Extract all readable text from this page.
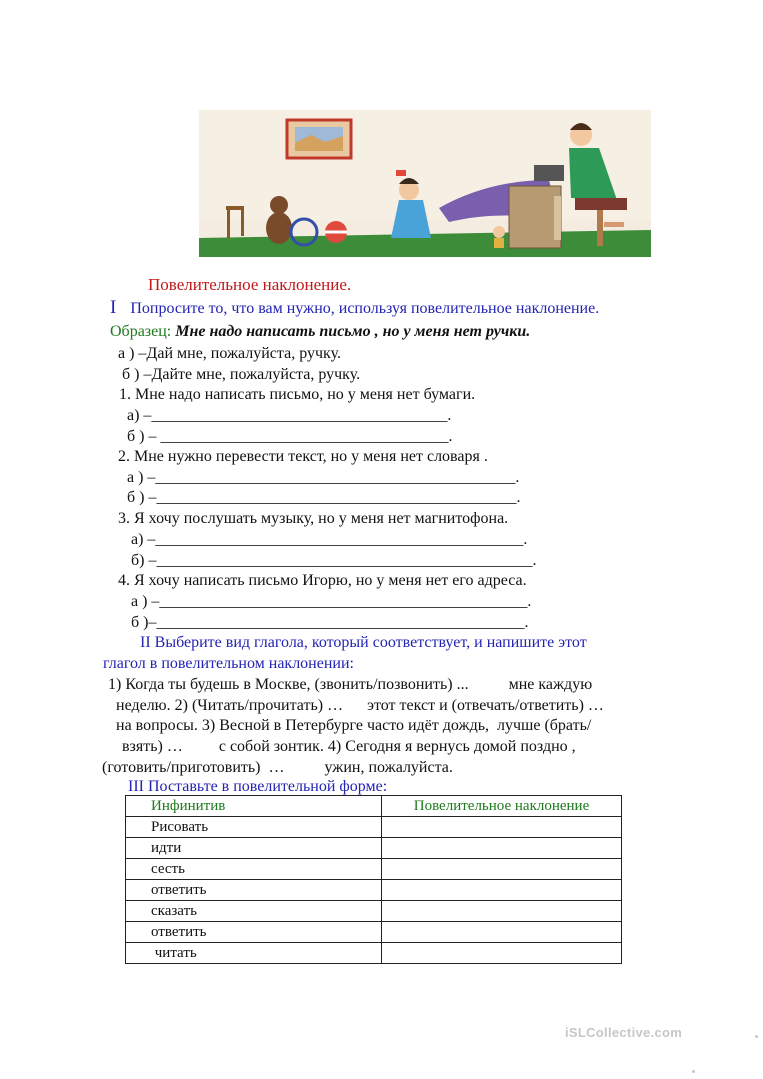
Повелительное наклонение.
I Попросите то, что вам нужно, используя повелительное наклонение.
Образец: Мне надо написать письмо , но у меня нет ручки.
а ) –Дай мне, пожалуйста, ручку.
б ) –Дайте мне, пожалуйста, ручку.
1. Мне надо написать письмо, но у меня нет бумаги.
а) –_____________________________________.
б ) – ____________________________________.
2. Мне нужно перевести текст, но у меня нет словаря .
а ) –_____________________________________________.
б ) –_____________________________________________.
3. Я хочу послушать музыку, но у меня нет магнитофона.
а) –______________________________________________.
б) –_______________________________________________.
4. Я хочу написать письмо Игорю, но у меня нет его адреса.
а ) –______________________________________________.
б )–______________________________________________.
II Выберите вид глагола, который соответствует, и напишите этот
глагол в повелительном наклонении:
1) Когда ты будешь в Москве, (звонить/позвонить) ...          мне каждую
неделю. 2) (Читать/прочитать) …      этот текст и (отвечать/ответить) …
на вопросы. 3) Весной в Петербурге часто идёт дождь,  лучше (брать/
взять) …         с собой зонтик. 4) Сегодня я вернусь домой поздно ,
(готовить/приготовить)  …          ужин, пожалуйста.
III Поставьте в повелительной форме:
Инфинитив	Повелительное наклонение
Рисовать	
идти	
сесть	
ответить	
сказать	
ответить	
читать	
iSLCollective.com
